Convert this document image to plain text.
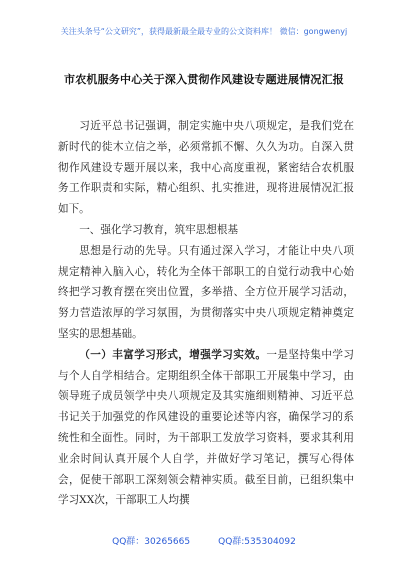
关注头条号“公文研究”，获得最新最全最专业的公文资料库！ 微信：gongwenyj
市农机服务中心关于深入贯彻作风建设专题进展情况汇报

习近平总书记强调，制定实施中央八项规定，是我们党在新时代的徙木立信之举，必须常抓不懈、久久为功。自深入贯彻作风建设专题开展以来，我中心高度重视，紧密结合农机服务工作职责和实际，精心组织、扎实推进，现将进展情况汇报如下。

一、强化学习教育，筑牢思想根基

思想是行动的先导。只有通过深入学习，才能让中央八项规定精神入脑入心，转化为全体干部职工的自觉行动我中心始终把学习教育摆在突出位置，多举措、全方位开展学习活动，努力营造浓厚的学习氛围，为贯彻落实中央八项规定精神奠定坚实的思想基础。

（一）丰富学习形式，增强学习实效。一是坚持集中学习与个人自学相结合。定期组织全体干部职工开展集中学习，由领导班子成员领学中央八项规定及其实施细则精神、习近平总书记关于加强党的作风建设的重要论述等内容，确保学习的系统性和全面性。同时，为干部职工发放学习资料，要求其利用业余时间认真开展个人自学，并做好学习笔记，撰写心得体会，促使干部职工深刻领会精神实质。截至目前，已组织集中学习XX次，干部职工人均撰

QQ群：30265665	QQ群:535304092
